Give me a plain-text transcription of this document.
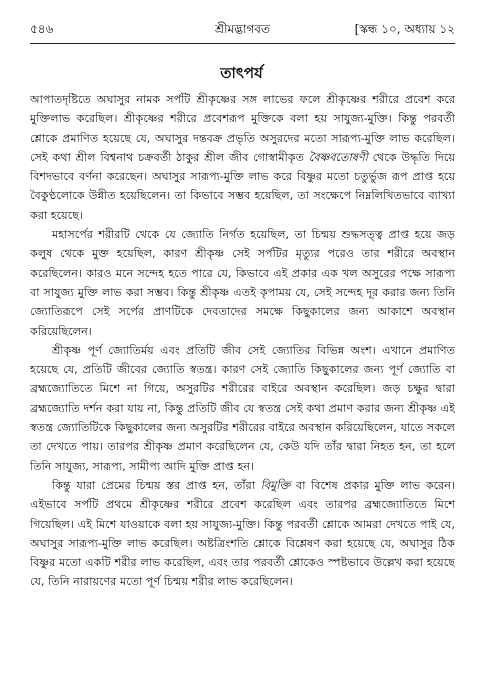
৫৪৬	শ্রীমদ্ভাগবত	[স্কন্ধ ১০, অধ্যায় ১২
তাৎপর্য

আপাতদৃষ্টিতে অঘাসুর নামক সর্পটি শ্রীকৃষ্ণের সঙ্গ লাভের ফলে শ্রীকৃষ্ণের শরীরে প্রবেশ করে মুক্তিলাভ করেছিল। শ্রীকৃষ্ণের শরীরে প্রবেশরূপ মুক্তিকে বলা হয় সাযুজ্য-মুক্তি। কিন্তু পরবর্তী শ্লোকে প্রমাণিত হয়েছে যে, অঘাসুর দন্তবক্র প্রভৃতি অসুরদের মতো সারূপ্য-মুক্তি লাভ করেছিল। সেই কথা শ্রীল বিশ্বনাথ চক্রবর্তী ঠাকুর শ্রীল জীব গোস্বামীকৃত বৈষ্ণবতোষণী থেকে উদ্ধৃতি দিয়ে বিশদভাবে বর্ণনা করেছেন। অঘাসুর সারূপ্য-মুক্তি লাভ করে বিষ্ণুর মতো চতুর্ভুজ রূপ প্রাপ্ত হয়ে বৈকুণ্ঠলোকে উন্নীত হয়েছিলেন। তা কিভাবে সম্ভব হয়েছিল, তা সংক্ষেপে নিম্নলিখিতভাবে ব্যাখ্যা করা হয়েছে।

মহাসর্পের শরীরটি থেকে যে জ্যোতি নির্গত হয়েছিল, তা চিন্ময় শুদ্ধসত্ত্ব প্রাপ্ত হয়ে জড় কলুষ থেকে মুক্ত হয়েছিল, কারণ শ্রীকৃষ্ণ সেই সর্পটির মৃত্যুর পরেও তার শরীরে অবস্থান করেছিলেন। কারও মনে সন্দেহ হতে পারে যে, কিভাবে এই প্রকার এক খল অসুরের পক্ষে সারূপ্য বা সাযুজ্য মুক্তি লাভ করা সম্ভব। কিন্তু শ্রীকৃষ্ণ এতই কৃপাময় যে, সেই সন্দেহ দূর করার জন্য তিনি জ্যোতিরূপে সেই সর্পের প্রাণটিকে দেবতাদের সমক্ষে কিছুকালের জন্য আকাশে অবস্থান করিয়েছিলেন।

শ্রীকৃষ্ণ পূর্ণ জ্যোতির্ময় এবং প্রতিটি জীব সেই জ্যোতির বিভিন্ন অংশ। এখানে প্রমাণিত হয়েছে যে, প্রতিটি জীবের জ্যোতি স্বতন্ত্র। কারণ সেই জ্যোতি কিছুকালের জন্য পূর্ণ জ্যোতি বা ব্রহ্মজ্যোতিতে মিশে না গিয়ে, অসুরটির শরীরের বাইরে অবস্থান করেছিল। জড় চক্ষুর দ্বারা ব্রহ্মজ্যোতি দর্শন করা যায় না, কিন্তু প্রতিটি জীব যে স্বতন্ত্র সেই কথা প্রমাণ করার জন্য শ্রীকৃষ্ণ এই স্বতন্ত্র জ্যোতিটিকে কিছুকালের জন্য অসুরটির শরীরের বাইরে অবস্থান করিয়েছিলেন, যাতে সকলে তা দেখতে পায়। তারপর শ্রীকৃষ্ণ প্রমাণ করেছিলেন যে, কেউ যদি তাঁর দ্বারা নিহত হন, তা হলে তিনি সাযুজ্য, সারূপ্য, সামীপ্য আদি মুক্তি প্রাপ্ত হন।

কিন্তু যারা প্রেমের চিন্ময় স্তর প্রাপ্ত হন, তাঁরা বিমুক্তি বা বিশেষ প্রকার মুক্তি লাভ করেন। এইভাবে সর্পটি প্রথমে শ্রীকৃষ্ণের শরীরে প্রবেশ করেছিল এবং তারপর ব্রহ্মজ্যোতিতে মিশে গিয়েছিল। এই মিশে যাওয়াকে বলা হয় সাযুজ্য-মুক্তি। কিন্তু পরবর্তী শ্লোকে আমরা দেখতে পাই যে, অঘাসুর সারূপ্য-মুক্তি লাভ করেছিল। অষ্টত্রিংশতি শ্লোকে বিশ্লেষণ করা হয়েছে যে, অঘাসুর ঠিক বিষ্ণুর মতো একটি শরীর লাভ করেছিল, এবং তার পরবর্তী শ্লোকেও স্পষ্টভাবে উল্লেখ করা হয়েছে যে, তিনি নারায়ণের মতো পূর্ণ চিন্ময় শরীর লাভ করেছিলেন।
